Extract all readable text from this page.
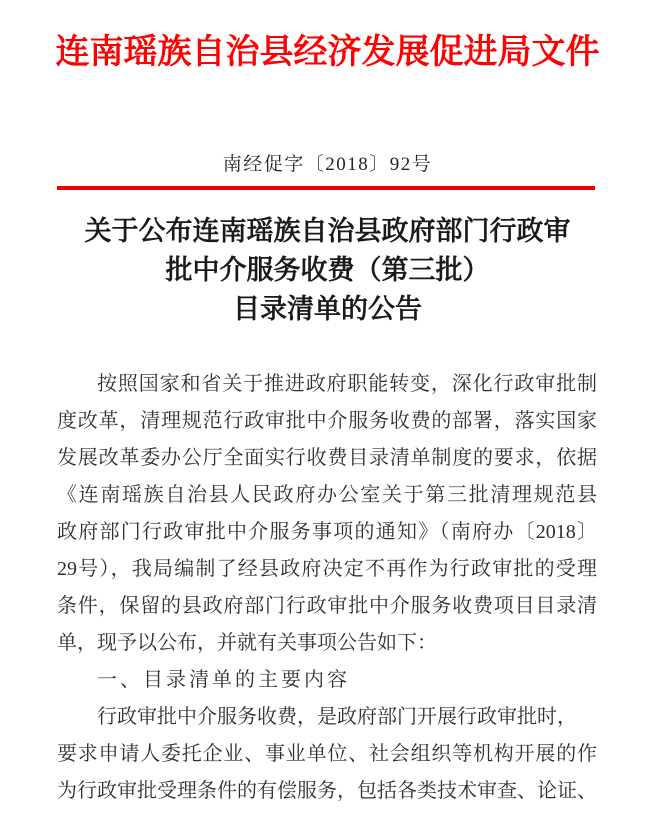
连南瑶族自治县经济发展促进局文件
南经促字〔2018〕92号
关于公布连南瑶族自治县政府部门行政审
批中介服务收费（第三批）
目录清单的公告
按照国家和省关于推进政府职能转变，深化行政审批制
度改革，清理规范行政审批中介服务收费的部署，落实国家
发展改革委办公厅全面实行收费目录清单制度的要求，依据
《连南瑶族自治县人民政府办公室关于第三批清理规范县
政府部门行政审批中介服务事项的通知》（南府办〔2018〕
29号），我局编制了经县政府决定不再作为行政审批的受理
条件，保留的县政府部门行政审批中介服务收费项目目录清
单，现予以公布，并就有关事项公告如下：
一、目录清单的主要内容
行政审批中介服务收费，是政府部门开展行政审批时，
要求申请人委托企业、事业单位、社会组织等机构开展的作
为行政审批受理条件的有偿服务，包括各类技术审查、论证、
